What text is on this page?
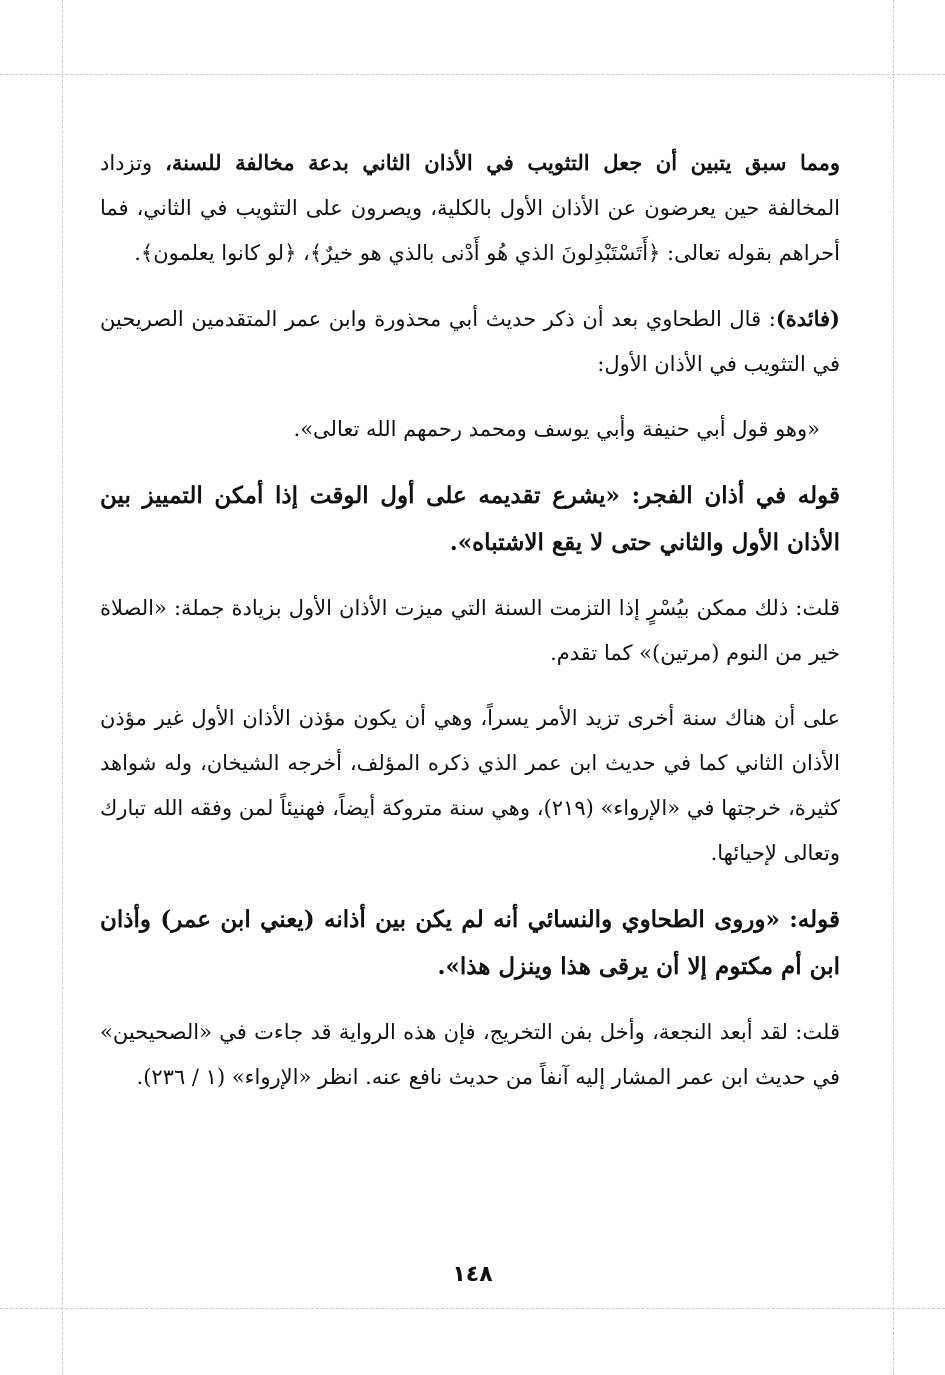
ومما سبق يتبين أن جعل التثويب في الأذان الثاني بدعة مخالفة للسنة، وتزداد المخالفة حين يعرضون عن الأذان الأول بالكلية، ويصرون على التثويب في الثاني، فما أحراهم بقوله تعالى: ﴿أَتَسْتَبْدِلونَ الذي هُو أَدْنى بالذي هو خيرٌ﴾، ﴿لو كانوا يعلمون﴾.

(فائدة): قال الطحاوي بعد أن ذكر حديث أبي محذورة وابن عمر المتقدمين الصريحين في التثويب في الأذان الأول:

«وهو قول أبي حنيفة وأبي يوسف ومحمد رحمهم الله تعالى».

قوله في أذان الفجر: «يشرع تقديمه على أول الوقت إذا أمكن التمييز بين الأذان الأول والثاني حتى لا يقع الاشتباه».

قلت: ذلك ممكن بيُسْرٍ إذا التزمت السنة التي ميزت الأذان الأول بزيادة جملة: «الصلاة خير من النوم (مرتين)» كما تقدم.

على أن هناك سنة أخرى تزيد الأمر يسراً، وهي أن يكون مؤذن الأذان الأول غير مؤذن الأذان الثاني كما في حديث ابن عمر الذي ذكره المؤلف، أخرجه الشيخان، وله شواهد كثيرة، خرجتها في «الإرواء» (٢١٩)، وهي سنة متروكة أيضاً، فهنيئاً لمن وفقه الله تبارك وتعالى لإحيائها.

قوله: «وروى الطحاوي والنسائي أنه لم يكن بين أذانه (يعني ابن عمر) وأذان ابن أم مكتوم إلا أن يرقى هذا وينزل هذا».

قلت: لقد أبعد النجعة، وأخل بفن التخريج، فإن هذه الرواية قد جاءت في «الصحيحين» في حديث ابن عمر المشار إليه آنفاً من حديث نافع عنه. انظر «الإرواء» (١ / ٢٣٦).

١٤٨
